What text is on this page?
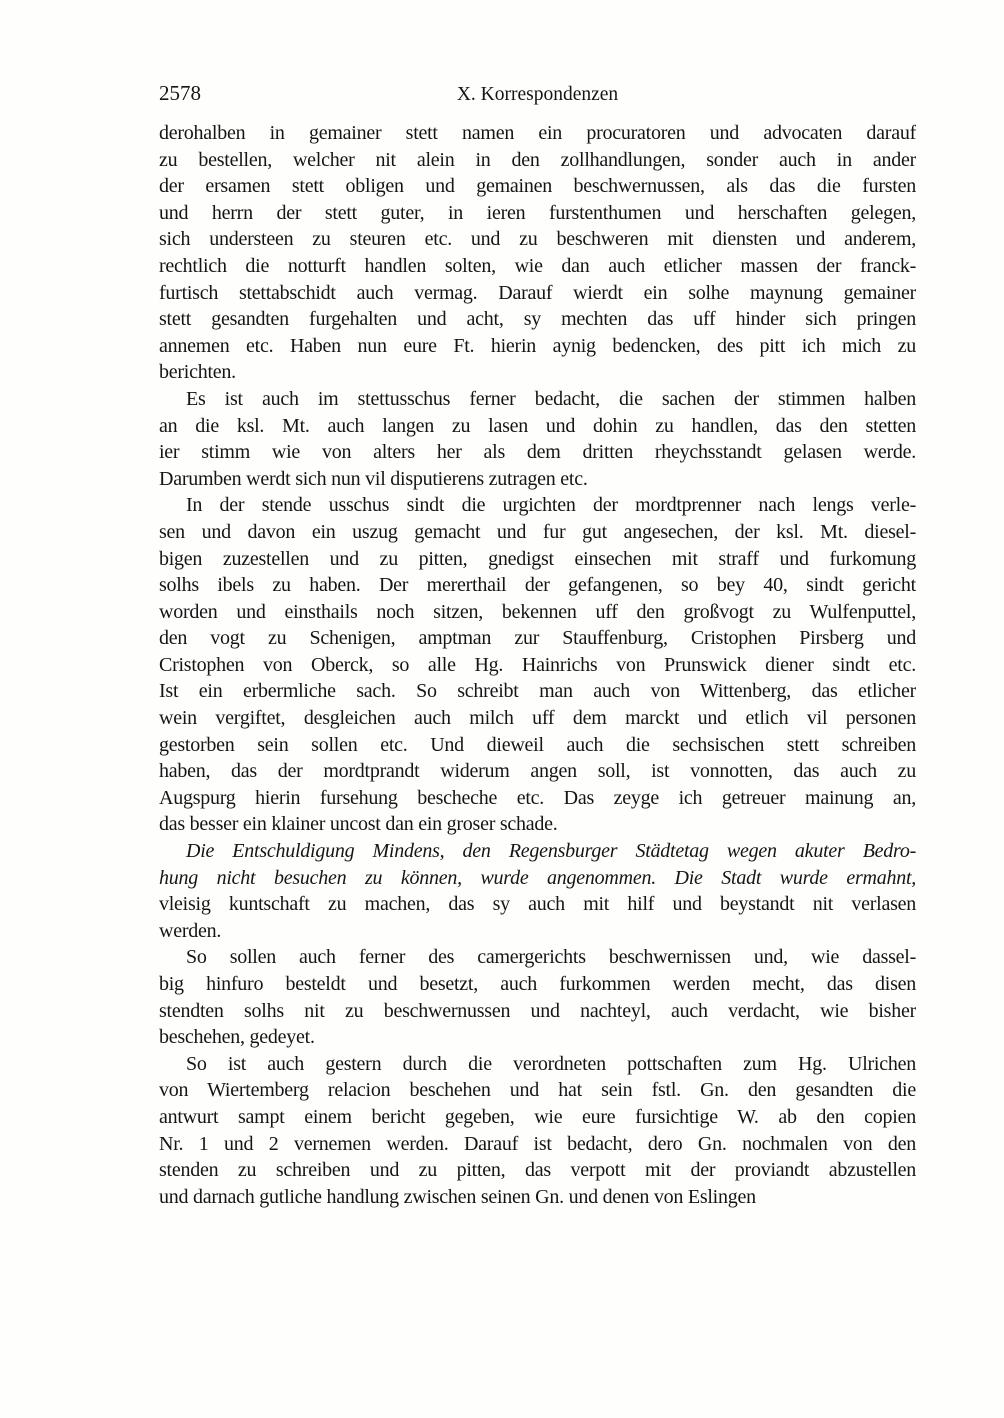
2578	X. Korrespondenzen
derohalben in gemainer stett namen ein procuratoren und advocaten darauf
zu bestellen, welcher nit alein in den zollhandlungen, sonder auch in ander
der ersamen stett obligen und gemainen beschwernussen, als das die fursten
und herrn der stett guter, in ieren furstenthumen und herschaften gelegen,
sich understeen zu steuren etc. und zu beschweren mit diensten und anderem,
rechtlich die notturft handlen solten, wie dan auch etlicher massen der franck-
furtisch stettabschidt auch vermag. Darauf wierdt ein solhe maynung gemainer
stett gesandten furgehalten und acht, sy mechten das uff hinder sich pringen
annemen etc. Haben nun eure Ft. hierin aynig bedencken, des pitt ich mich zu
berichten.
Es ist auch im stettusschus ferner bedacht, die sachen der stimmen halben
an die ksl. Mt. auch langen zu lasen und dohin zu handlen, das den stetten
ier stimm wie von alters her als dem dritten rheychsstandt gelasen werde.
Darumben werdt sich nun vil disputierens zutragen etc.
In der stende usschus sindt die urgichten der mordtprenner nach lengs verle-
sen und davon ein uszug gemacht und fur gut angesechen, der ksl. Mt. diesel-
bigen zuzestellen und zu pitten, gnedigst einsechen mit straff und furkomung
solhs ibels zu haben. Der mererthail der gefangenen, so bey 40, sindt gericht
worden und einsthails noch sitzen, bekennen uff den großvogt zu Wulfenputtel,
den vogt zu Schenigen, amptman zur Stauffenburg, Cristophen Pirsberg und
Cristophen von Oberck, so alle Hg. Hainrichs von Prunswick diener sindt etc.
Ist ein erbermliche sach. So schreibt man auch von Wittenberg, das etlicher
wein vergiftet, desgleichen auch milch uff dem marckt und etlich vil personen
gestorben sein sollen etc. Und dieweil auch die sechsischen stett schreiben
haben, das der mordtprandt widerum angen soll, ist vonnotten, das auch zu
Augspurg hierin fursehung bescheche etc. Das zeyge ich getreuer mainung an,
das besser ein klainer uncost dan ein groser schade.
Die Entschuldigung Mindens, den Regensburger Städtetag wegen akuter Bedro-
hung nicht besuchen zu können, wurde angenommen. Die Stadt wurde ermahnt,
vleisig kuntschaft zu machen, das sy auch mit hilf und beystandt nit verlasen
werden.
So sollen auch ferner des camergerichts beschwernissen und, wie dassel-
big hinfuro besteldt und besetzt, auch furkommen werden mecht, das disen
stendten solhs nit zu beschwernussen und nachteyl, auch verdacht, wie bisher
beschehen, gedeyet.
So ist auch gestern durch die verordneten pottschaften zum Hg. Ulrichen
von Wiertemberg relacion beschehen und hat sein fstl. Gn. den gesandten die
antwurt sampt einem bericht gegeben, wie eure fursichtige W. ab den copien
Nr. 1 und 2 vernemen werden. Darauf ist bedacht, dero Gn. nochmalen von den
stenden zu schreiben und zu pitten, das verpott mit der proviandt abzustellen
und darnach gutliche handlung zwischen seinen Gn. und denen von Eslingen
